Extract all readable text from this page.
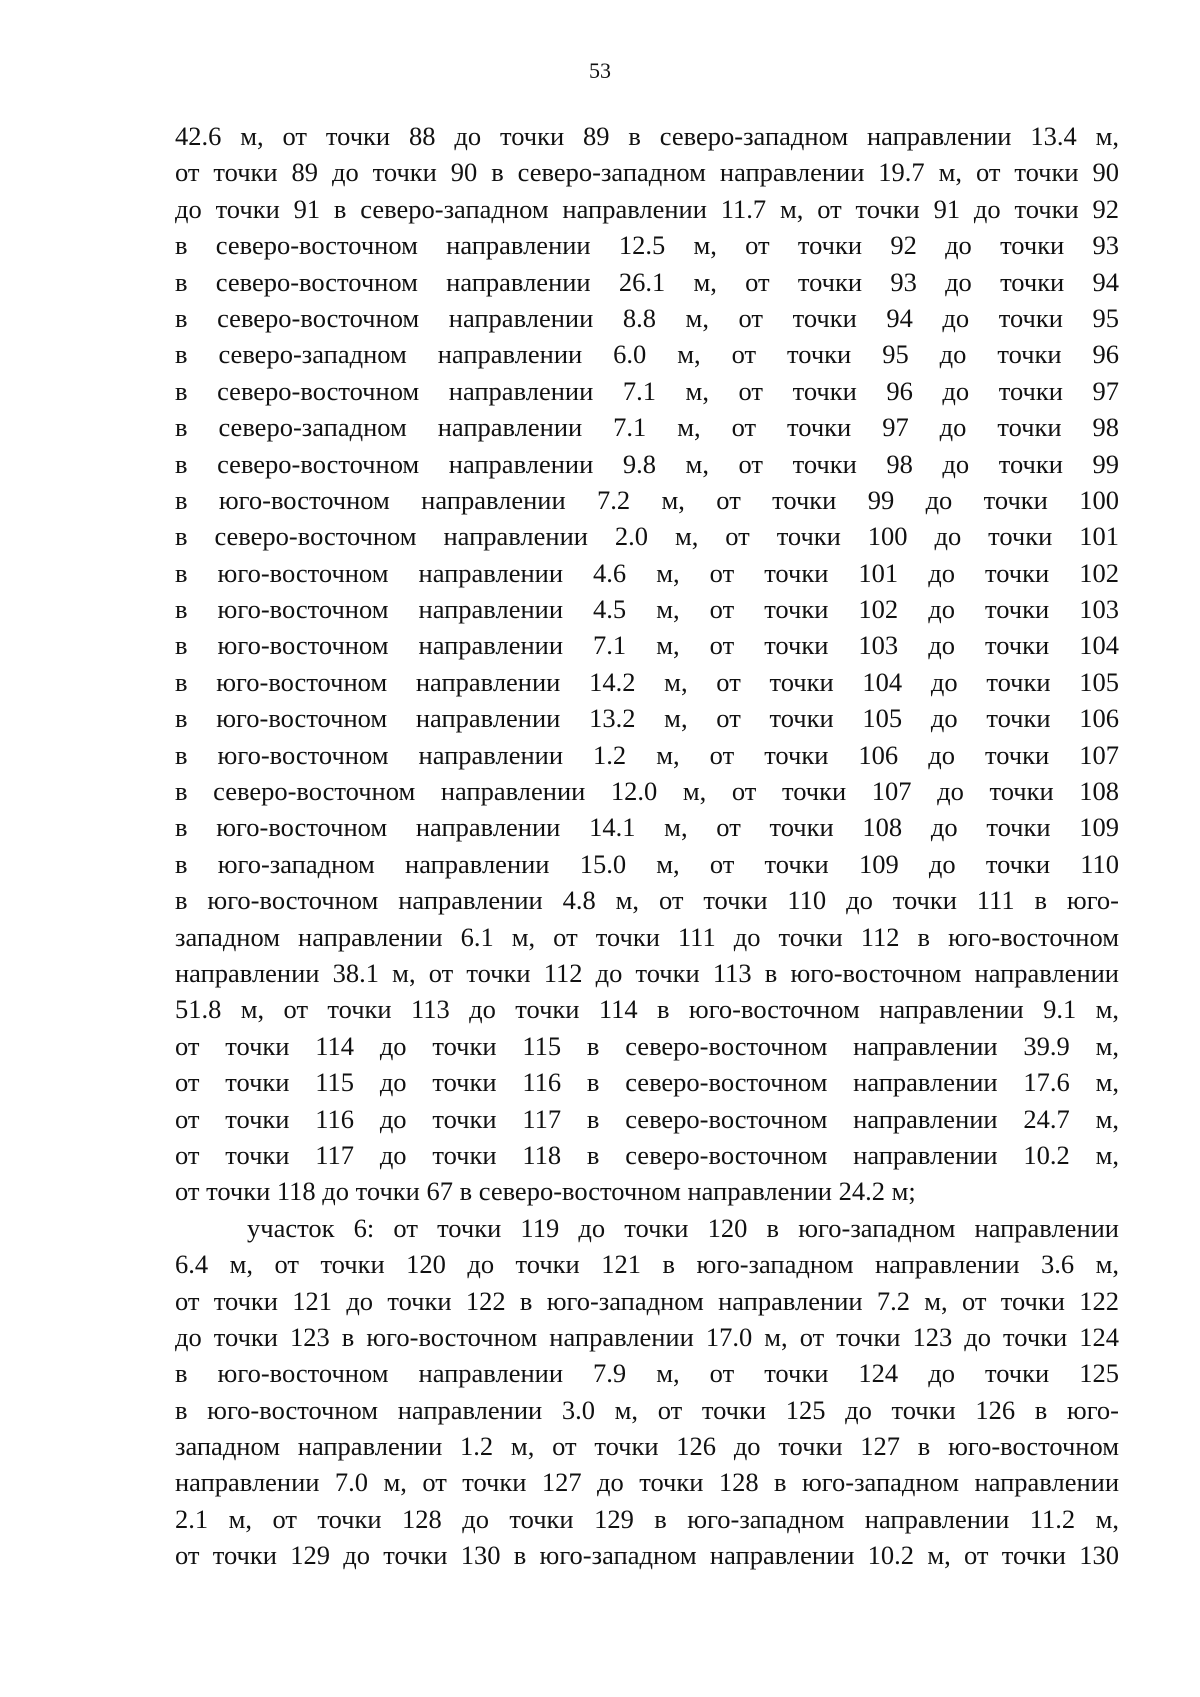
53
42.6 м, от точки 88 до точки 89 в северо-западном направлении 13.4 м,
от точки 89 до точки 90 в северо-западном направлении 19.7 м, от точки 90
до точки 91 в северо-западном направлении 11.7 м, от точки 91 до точки 92
в северо-восточном направлении 12.5 м, от точки 92 до точки 93
в северо-восточном направлении 26.1 м, от точки 93 до точки 94
в северо-восточном направлении 8.8 м, от точки 94 до точки 95
в северо-западном направлении 6.0 м, от точки 95 до точки 96
в северо-восточном направлении 7.1 м, от точки 96 до точки 97
в северо-западном направлении 7.1 м, от точки 97 до точки 98
в северо-восточном направлении 9.8 м, от точки 98 до точки 99
в юго-восточном направлении 7.2 м, от точки 99 до точки 100
в северо-восточном направлении 2.0 м, от точки 100 до точки 101
в юго-восточном направлении 4.6 м, от точки 101 до точки 102
в юго-восточном направлении 4.5 м, от точки 102 до точки 103
в юго-восточном направлении 7.1 м, от точки 103 до точки 104
в юго-восточном направлении 14.2 м, от точки 104 до точки 105
в юго-восточном направлении 13.2 м, от точки 105 до точки 106
в юго-восточном направлении 1.2 м, от точки 106 до точки 107
в северо-восточном направлении 12.0 м, от точки 107 до точки 108
в юго-восточном направлении 14.1 м, от точки 108 до точки 109
в юго-западном направлении 15.0 м, от точки 109 до точки 110
в юго-восточном направлении 4.8 м, от точки 110 до точки 111 в юго-
западном направлении 6.1 м, от точки 111 до точки 112 в юго-восточном
направлении 38.1 м, от точки 112 до точки 113 в юго-восточном направлении
51.8 м, от точки 113 до точки 114 в юго-восточном направлении 9.1 м,
от точки 114 до точки 115 в северо-восточном направлении 39.9 м,
от точки 115 до точки 116 в северо-восточном направлении 17.6 м,
от точки 116 до точки 117 в северо-восточном направлении 24.7 м,
от точки 117 до точки 118 в северо-восточном направлении 10.2 м,
от точки 118 до точки 67 в северо-восточном направлении 24.2 м;
участок 6: от точки 119 до точки 120 в юго-западном направлении
6.4 м, от точки 120 до точки 121 в юго-западном направлении 3.6 м,
от точки 121 до точки 122 в юго-западном направлении 7.2 м, от точки 122
до точки 123 в юго-восточном направлении 17.0 м, от точки 123 до точки 124
в юго-восточном направлении 7.9 м, от точки 124 до точки 125
в юго-восточном направлении 3.0 м, от точки 125 до точки 126 в юго-
западном направлении 1.2 м, от точки 126 до точки 127 в юго-восточном
направлении 7.0 м, от точки 127 до точки 128 в юго-западном направлении
2.1 м, от точки 128 до точки 129 в юго-западном направлении 11.2 м,
от точки 129 до точки 130 в юго-западном направлении 10.2 м, от точки 130
